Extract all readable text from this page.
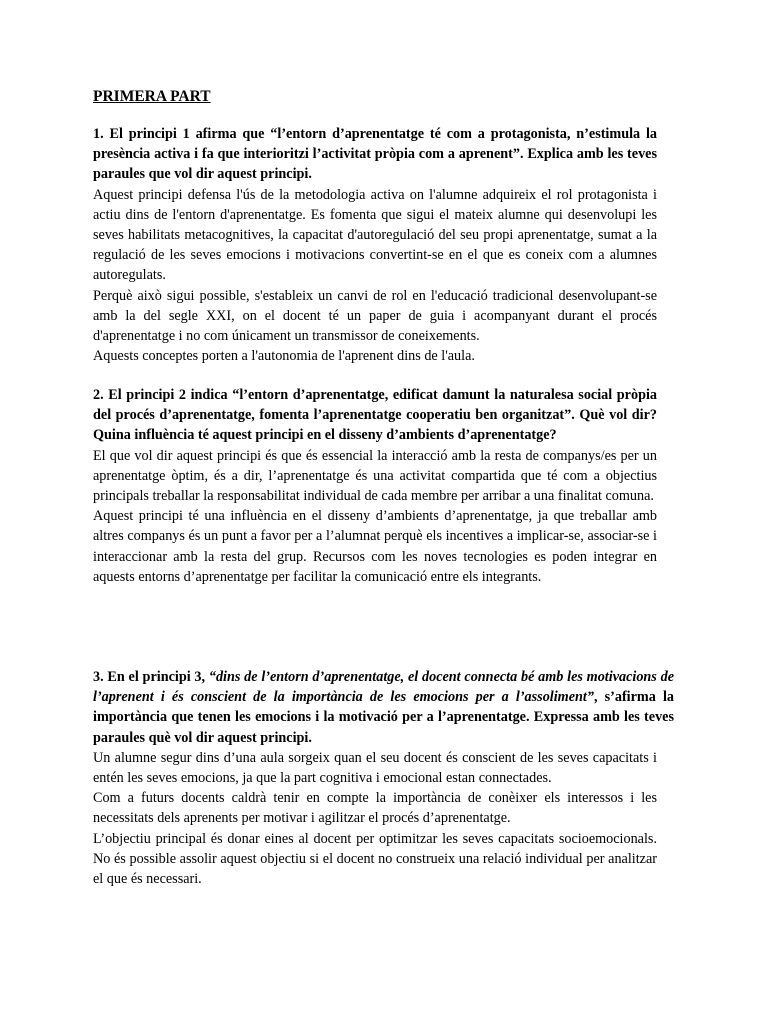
PRIMERA PART

1. El principi 1 afirma que “l’entorn d’aprenentatge té com a protagonista, n’estimula la presència activa i fa que interioritzi l’activitat pròpia com a aprenent”. Explica amb les teves paraules que vol dir aquest principi.

Aquest principi defensa l'ús de la metodologia activa on l'alumne adquireix el rol protagonista i actiu dins de l'entorn d'aprenentatge. Es fomenta que sigui el mateix alumne qui desenvolupi les seves habilitats metacognitives, la capacitat d'autoregulació del seu propi aprenentatge, sumat a la regulació de les seves emocions i motivacions convertint-se en el que es coneix com a alumnes autoregulats.

Perquè això sigui possible, s'estableix un canvi de rol en l'educació tradicional desenvolupant-se amb la del segle XXI, on el docent té un paper de guia i acompanyant durant el procés d'aprenentatge i no com únicament un transmissor de coneixements.

Aquests conceptes porten a l'autonomia de l'aprenent dins de l'aula.

2. El principi 2 indica “l’entorn d’aprenentatge, edificat damunt la naturalesa social pròpia del procés d’aprenentatge, fomenta l’aprenentatge cooperatiu ben organitzat”. Què vol dir? Quina influència té aquest principi en el disseny d’ambients d’aprenentatge?

El que vol dir aquest principi és que és essencial la interacció amb la resta de companys/es per un aprenentatge òptim, és a dir, l’aprenentatge és una activitat compartida que té com a objectius principals treballar la responsabilitat individual de cada membre per arribar a una finalitat comuna.

Aquest principi té una influència en el disseny d’ambients d’aprenentatge, ja que treballar amb altres companys és un punt a favor per a l’alumnat perquè els incentives a implicar-se, associar-se i interaccionar amb la resta del grup. Recursos com les noves tecnologies es poden integrar en aquests entorns d’aprenentatge per facilitar la comunicació entre els integrants.

3. En el principi 3, “dins de l’entorn d’aprenentatge, el docent connecta bé amb les motivacions de l’aprenent i és conscient de la importància de les emocions per a l’assoliment”, s’afirma la importància que tenen les emocions i la motivació per a l’aprenentatge. Expressa amb les teves paraules què vol dir aquest principi.

Un alumne segur dins d’una aula sorgeix quan el seu docent és conscient de les seves capacitats i entén les seves emocions, ja que la part cognitiva i emocional estan connectades.

Com a futurs docents caldrà tenir en compte la importància de conèixer els interessos i les necessitats dels aprenents per motivar i agilitzar el procés d’aprenentatge.

L’objectiu principal és donar eines al docent per optimitzar les seves capacitats socioemocionals. No és possible assolir aquest objectiu si el docent no construeix una relació individual per analitzar el que és necessari.
